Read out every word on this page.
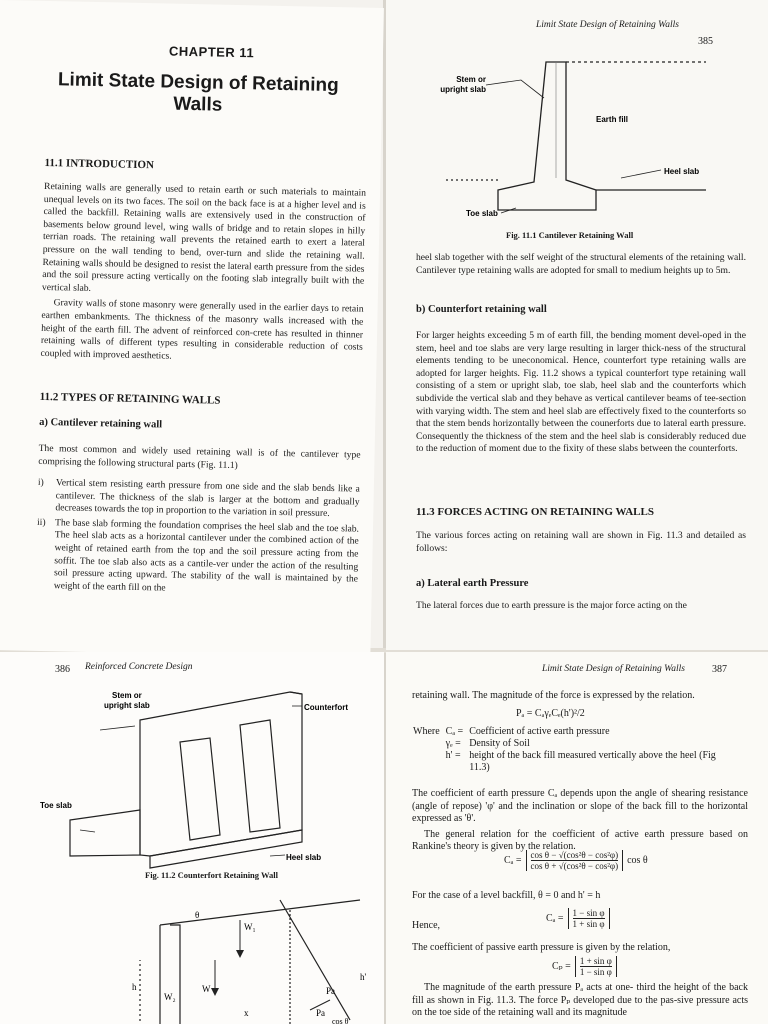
CHAPTER 11
Limit State Design of Retaining
Walls
11.1 INTRODUCTION

Retaining walls are generally used to retain earth or such materials to maintain unequal levels on its two faces. The soil on the back face is at a higher level and is called the backfill. Retaining walls are extensively used in the construction of basements below ground level, wing walls of bridge and to retain slopes in hilly terrian roads. The retaining wall prevents the retained earth to exert a lateral pressure on the wall tending to bend, over-turn and slide the retaining wall. Retaining walls should be designed to resist the lateral earth pressure from the sides and the soil pressure acting vertically on the footing slab integrally built with the vertical slab.

Gravity walls of stone masonry were generally used in the earlier days to retain earthen embankments. The thickness of the masonry walls increased with the height of the earth fill. The advent of reinforced con-crete has resulted in thinner retaining walls of different types resulting in considerable reduction of costs coupled with improved aesthetics.

11.2 TYPES OF RETAINING WALLS
a) Cantilever retaining wall

The most common and widely used retaining wall is of the cantilever type comprising the following structural parts (Fig. 11.1)

i) Vertical stem resisting earth pressure from one side and the slab bends like a cantilever. The thickness of the slab is larger at the bottom and gradually decreases towards the top in proportion to the variation in soil pressure.
ii) The base slab forming the foundation comprises the heel slab and the toe slab. The heel slab acts as a horizontal cantilever under the combined action of the weight of retained earth from the top and the soil pressure acting from the soffit. The toe slab also acts as a cantile-ver under the action of the resulting soil pressure acting upward. The stability of the wall is maintained by the weight of the earth fill on the
Limit State Design of Retaining Walls
385
Stem or
upright slab
Earth fill
Heel slab
Toe slab
Fig. 11.1 Cantilever Retaining Wall

heel slab together with the self weight of the structural elements of the retaining wall. Cantilever type retaining walls are adopted for small to medium heights up to 5m.

b) Counterfort retaining wall

For larger heights exceeding 5 m of earth fill, the bending moment devel-oped in the stem, heel and toe slabs are very large resulting in larger thick-ness of the structural elements tending to be uneconomical. Hence, counterfort type retaining walls are adopted for larger heights. Fig. 11.2 shows a typical counterfort type retaining wall consisting of a stem or upright slab, toe slab, heel slab and the counterforts which subdivide the vertical slab and they behave as vertical cantilever beams of tee-section with varying width. The stem and heel slab are effectively fixed to the counterforts so that the stem bends horizontally between the counerforts due to lateral earth pressure. Consequently the thickness of the stem and the heel slab is considerably reduced due to the reduction of moment due to the fixity of these slabs between the counterforts.

11.3 FORCES ACTING ON RETAINING WALLS

The various forces acting on retaining wall are shown in Fig. 11.3 and detailed as follows:

a) Lateral earth Pressure

The lateral forces due to earth pressure is the major force acting on the

386 Reinforced Concrete Design
Stem or
upright slab	Counterfort
Toe slab
Heel slab
Fig. 11.2 Counterfort Retaining Wall
θ
W₁
W₂
W
h
h'
x
Pa
Pa
cos θ
Limit State Design of Retaining Walls	387
retaining wall. The magnitude of the force is expressed by the relation.
Pₐ = CₐγₑCₑ(h')²/2
Where	Cₐ =	Coefficient of active earth pressure
	γₑ =	Density of Soil
	h' =	height of the back fill measured vertically above the heel (Fig 11.3)

The coefficient of earth pressure Cₐ depends upon the angle of shearing resistance (angle of repose) 'φ' and the inclination or slope of the back fill to the horizontal expressed as 'θ'.

The general relation for the coefficient of active earth pressure based on Rankine's theory is given by the relation.

$C_a = \frac{\text{cos θ − √(cos²θ − cos²φ)}}{\text{cos θ + √(cos²θ − cos²φ)}}$ cos θ
For the case of a level backfill, θ = 0 and h' = h
Hence,
$C_a = \frac{\text{1 − sin φ}}{\text{1 + sin φ}}$
The coefficient of passive earth pressure is given by the relation,
$C_p = \frac{\text{1 + sin φ}}{\text{1 − sin φ}}$

The magnitude of the earth pressure Pₐ acts at one- third the height of the back fill as shown in Fig. 11.3. The force Pₚ developed due to the pas-sive pressure acts on the toe side of the retaining wall and its magnitude
